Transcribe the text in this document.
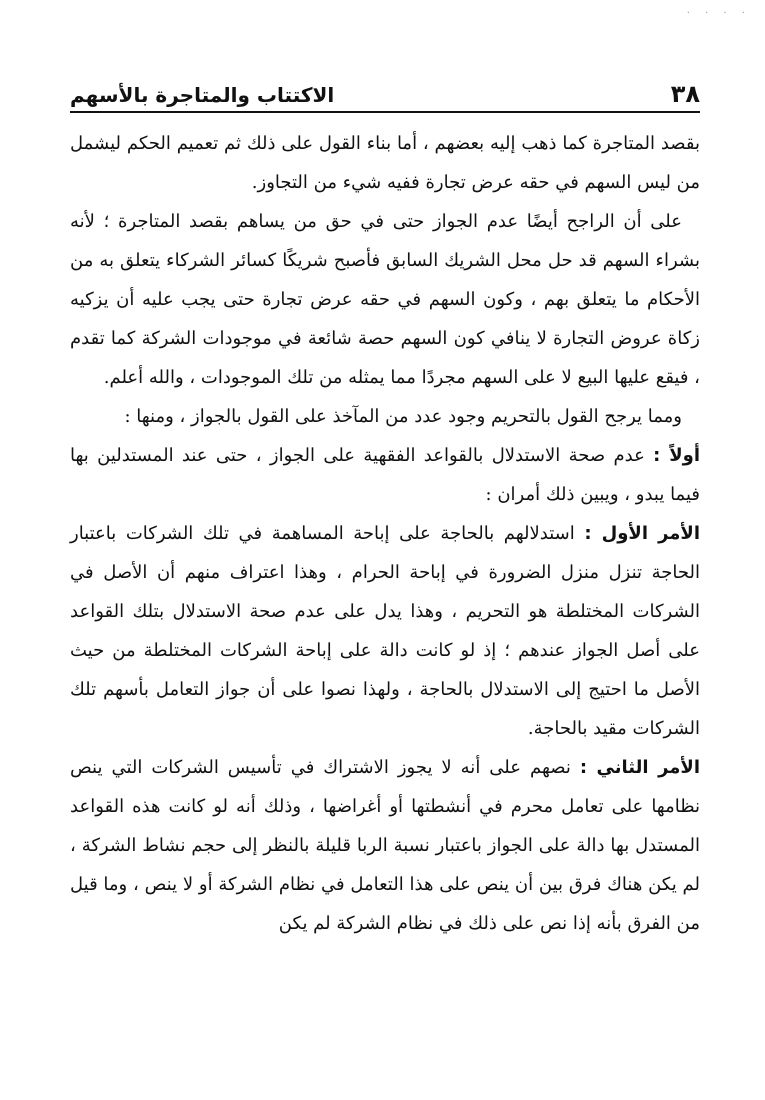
· · · ·
٣٨
الاكتتاب والمتاجرة بالأسهم

بقصد المتاجرة كما ذهب إليه بعضهم ، أما بناء القول على ذلك ثم تعميم الحكم ليشمل من ليس السهم في حقه عرض تجارة ففيه شيء من التجاوز.

على أن الراجح أيضًا عدم الجواز حتى في حق من يساهم بقصد المتاجرة ؛ لأنه بشراء السهم قد حل محل الشريك السابق فأصبح شريكًا كسائر الشركاء يتعلق به من الأحكام ما يتعلق بهم ، وكون السهم في حقه عرض تجارة حتى يجب عليه أن يزكيه زكاة عروض التجارة لا ينافي كون السهم حصة شائعة في موجودات الشركة كما تقدم ، فيقع عليها البيع لا على السهم مجردًا مما يمثله من تلك الموجودات ، والله أعلم.

ومما يرجح القول بالتحريم وجود عدد من المآخذ على القول بالجواز ، ومنها :

أولاً : عدم صحة الاستدلال بالقواعد الفقهية على الجواز ، حتى عند المستدلين بها فيما يبدو ، ويبين ذلك أمران :

الأمر الأول : استدلالهم بالحاجة على إباحة المساهمة في تلك الشركات باعتبار الحاجة تنزل منزل الضرورة في إباحة الحرام ، وهذا اعتراف منهم أن الأصل في الشركات المختلطة هو التحريم ، وهذا يدل على عدم صحة الاستدلال بتلك القواعد على أصل الجواز عندهم ؛ إذ لو كانت دالة على إباحة الشركات المختلطة من حيث الأصل ما احتيج إلى الاستدلال بالحاجة ، ولهذا نصوا على أن جواز التعامل بأسهم تلك الشركات مقيد بالحاجة.

الأمر الثاني : نصهم على أنه لا يجوز الاشتراك في تأسيس الشركات التي ينص نظامها على تعامل محرم في أنشطتها أو أغراضها ، وذلك أنه لو كانت هذه القواعد المستدل بها دالة على الجواز باعتبار نسبة الربا قليلة بالنظر إلى حجم نشاط الشركة ، لم يكن هناك فرق بين أن ينص على هذا التعامل في نظام الشركة أو لا ينص ، وما قيل من الفرق بأنه إذا نص على ذلك في نظام الشركة لم يكن
